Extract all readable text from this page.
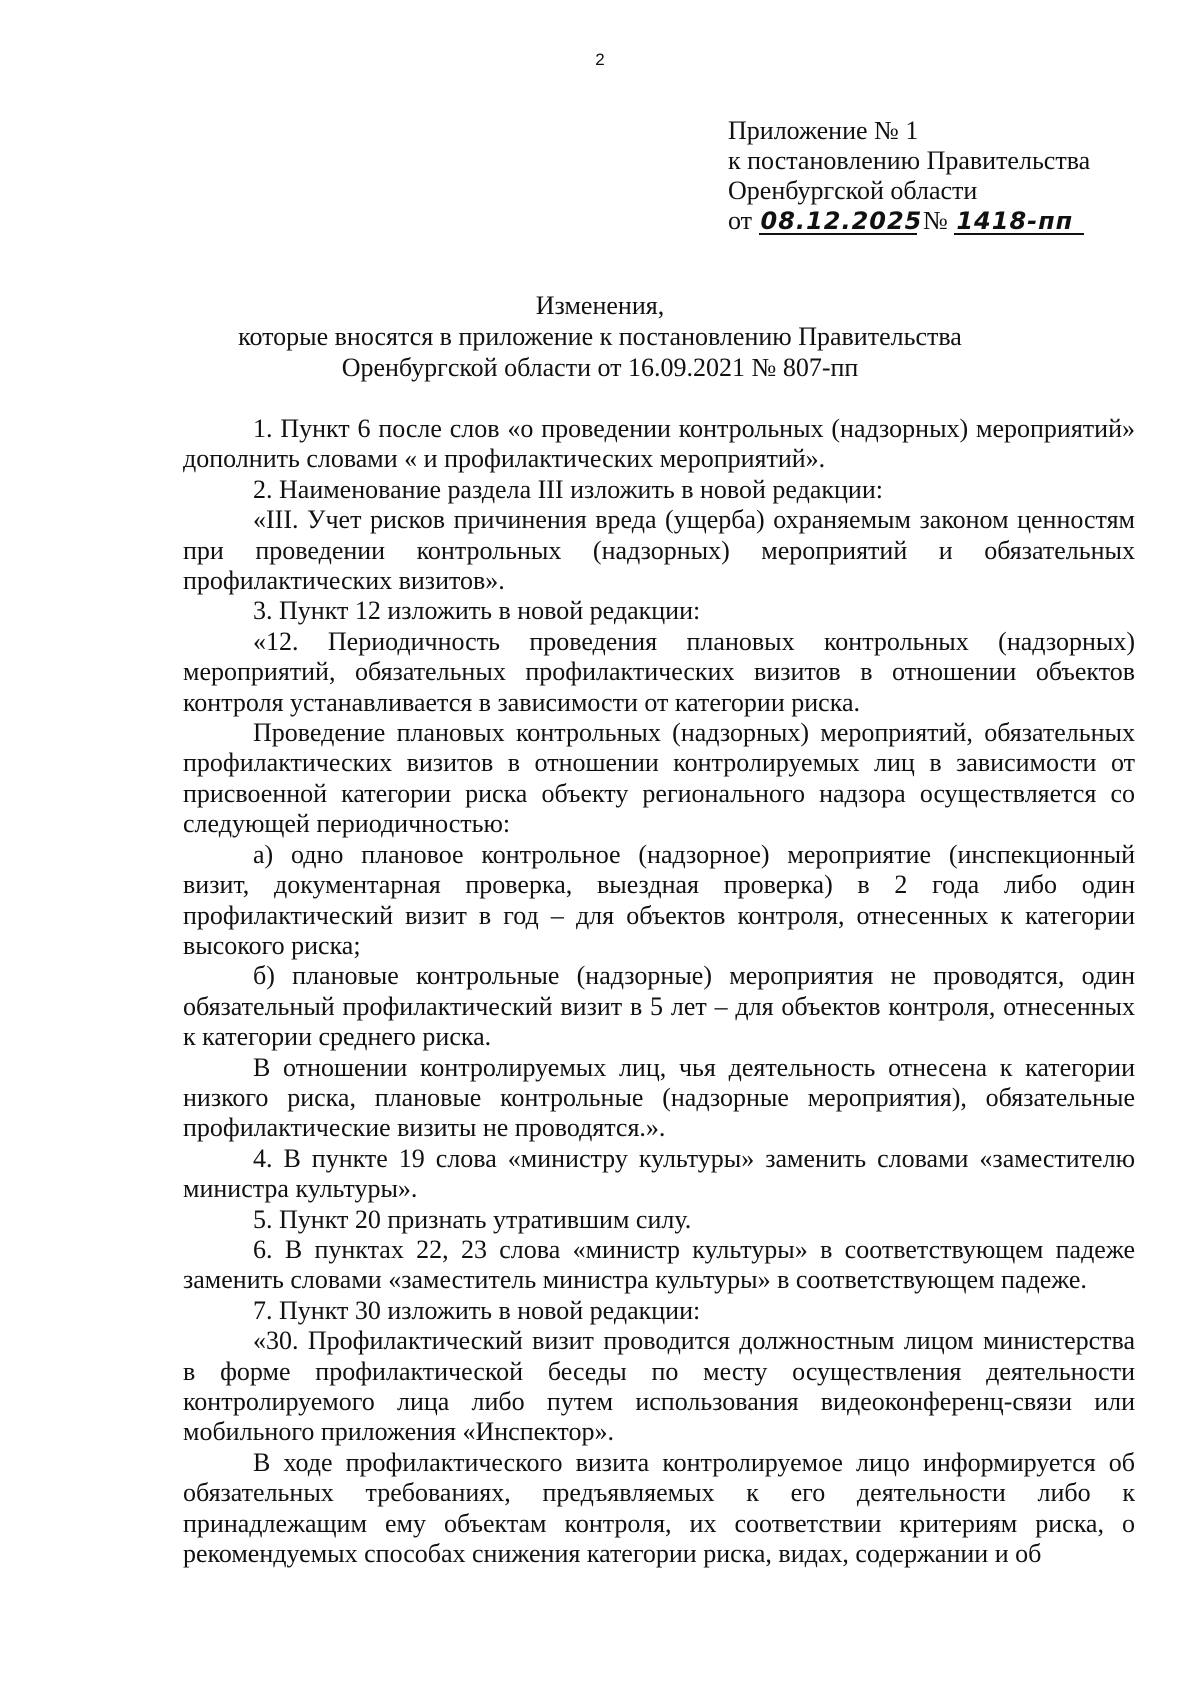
2
Приложение № 1
к постановлению Правительства
Оренбургской области
от 08.12.2025 № 1418-пп
Изменения,
которые вносятся в приложение к постановлению Правительства
Оренбургской области от 16.09.2021 № 807-пп

1. Пункт 6 после слов «о проведении контрольных (надзорных) мероприятий» дополнить словами « и профилактических мероприятий».

2. Наименование раздела III изложить в новой редакции:

«III. Учет рисков причинения вреда (ущерба) охраняемым законом ценностям при проведении контрольных (надзорных) мероприятий и обязательных профилактических визитов».

3. Пункт 12 изложить в новой редакции:

«12. Периодичность проведения плановых контрольных (надзорных) мероприятий, обязательных профилактических визитов в отношении объектов контроля устанавливается в зависимости от категории риска.

Проведение плановых контрольных (надзорных) мероприятий, обязательных профилактических визитов в отношении контролируемых лиц в зависимости от присвоенной категории риска объекту регионального надзора осуществляется со следующей периодичностью:

а) одно плановое контрольное (надзорное) мероприятие (инспекционный визит, документарная проверка, выездная проверка) в 2 года либо один профилактический визит в год – для объектов контроля, отнесенных к категории высокого риска;

б) плановые контрольные (надзорные) мероприятия не проводятся, один обязательный профилактический визит в 5 лет – для объектов контроля, отнесенных к категории среднего риска.

В отношении контролируемых лиц, чья деятельность отнесена к категории низкого риска, плановые контрольные (надзорные мероприятия), обязательные профилактические визиты не проводятся.».

4. В пункте 19 слова «министру культуры» заменить словами «заместителю министра культуры».

5. Пункт 20 признать утратившим силу.

6. В пунктах 22, 23 слова «министр культуры» в соответствующем падеже заменить словами «заместитель министра культуры» в соответствующем падеже.

7. Пункт 30 изложить в новой редакции:

«30. Профилактический визит проводится должностным лицом министерства в форме профилактической беседы по месту осуществления деятельности контролируемого лица либо путем использования видеоконференц-связи или мобильного приложения «Инспектор».

В ходе профилактического визита контролируемое лицо информируется об обязательных требованиях, предъявляемых к его деятельности либо к принадлежащим ему объектам контроля, их соответствии критериям риска, о рекомендуемых способах снижения категории риска, видах, содержании и об
